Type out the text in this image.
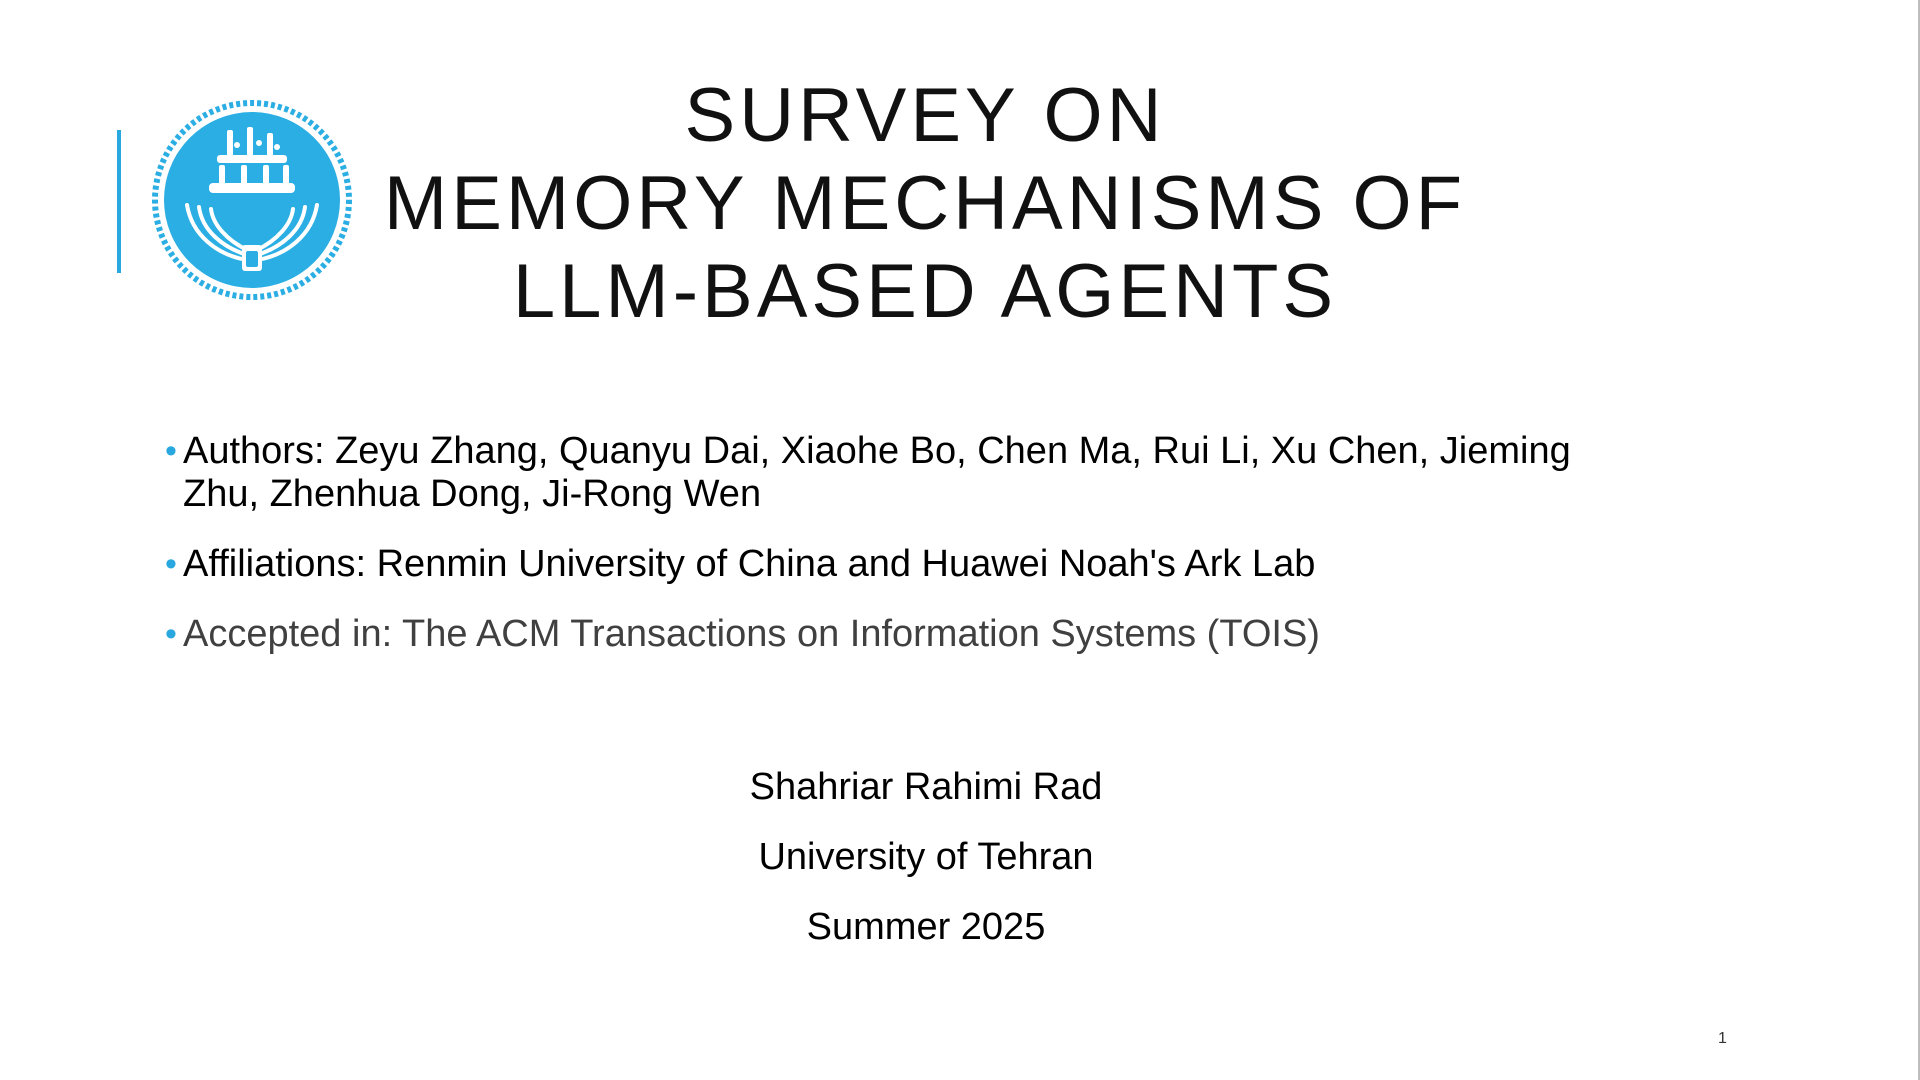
SURVEY ON
MEMORY MECHANISMS OF
LLM-BASED AGENTS
• Authors: Zeyu Zhang, Quanyu Dai, Xiaohe Bo, Chen Ma, Rui Li, Xu Chen, Jieming Zhu, Zhenhua Dong, Ji-Rong Wen
• Affiliations: Renmin University of China and Huawei Noah's Ark Lab
• Accepted in: The ACM Transactions on Information Systems (TOIS)
Shahriar Rahimi Rad
University of Tehran
Summer 2025
1
